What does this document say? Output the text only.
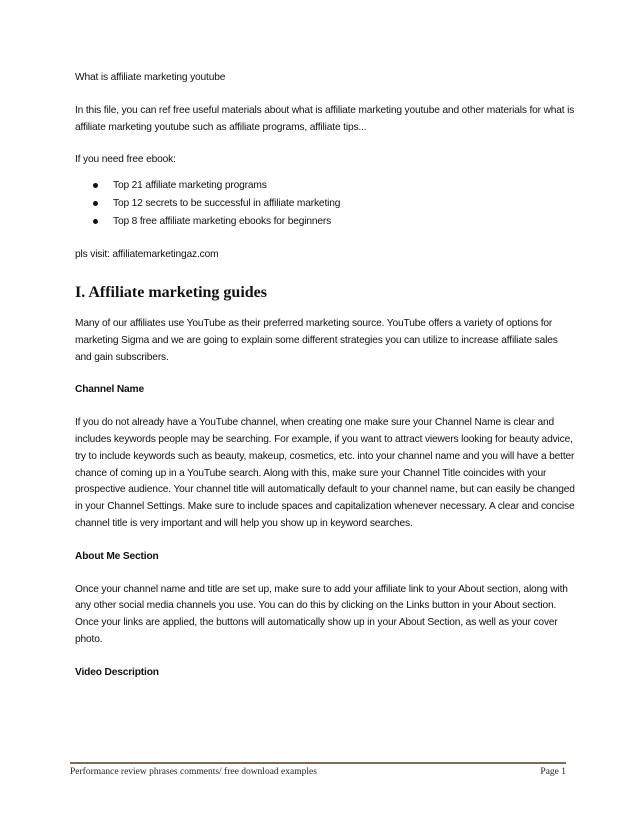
What is affiliate marketing youtube

In this file, you can ref free useful materials about what is affiliate marketing youtube and other materials for what is affiliate marketing youtube such as affiliate programs, affiliate tips...

If you need free ebook:

Top 21 affiliate marketing programs
Top 12 secrets to be successful in affiliate marketing
Top 8 free affiliate marketing ebooks for beginners

pls visit: affiliatemarketingaz.com

I. Affiliate marketing guides

Many of our affiliates use YouTube as their preferred marketing source. YouTube offers a variety of options for marketing Sigma and we are going to explain some different strategies you can utilize to increase affiliate sales and gain subscribers.

Channel Name

If you do not already have a YouTube channel, when creating one make sure your Channel Name is clear and includes keywords people may be searching. For example, if you want to attract viewers looking for beauty advice, try to include keywords such as beauty, makeup, cosmetics, etc. into your channel name and you will have a better chance of coming up in a YouTube search. Along with this, make sure your Channel Title coincides with your prospective audience. Your channel title will automatically default to your channel name, but can easily be changed in your Channel Settings. Make sure to include spaces and capitalization whenever necessary. A clear and concise channel title is very important and will help you show up in keyword searches.

About Me Section

Once your channel name and title are set up, make sure to add your affiliate link to your About section, along with any other social media channels you use. You can do this by clicking on the Links button in your About section.

Once your links are applied, the buttons will automatically show up in your About Section, as well as your cover photo.

Video Description

Performance review phrases comments/ free download examples	Page 1
